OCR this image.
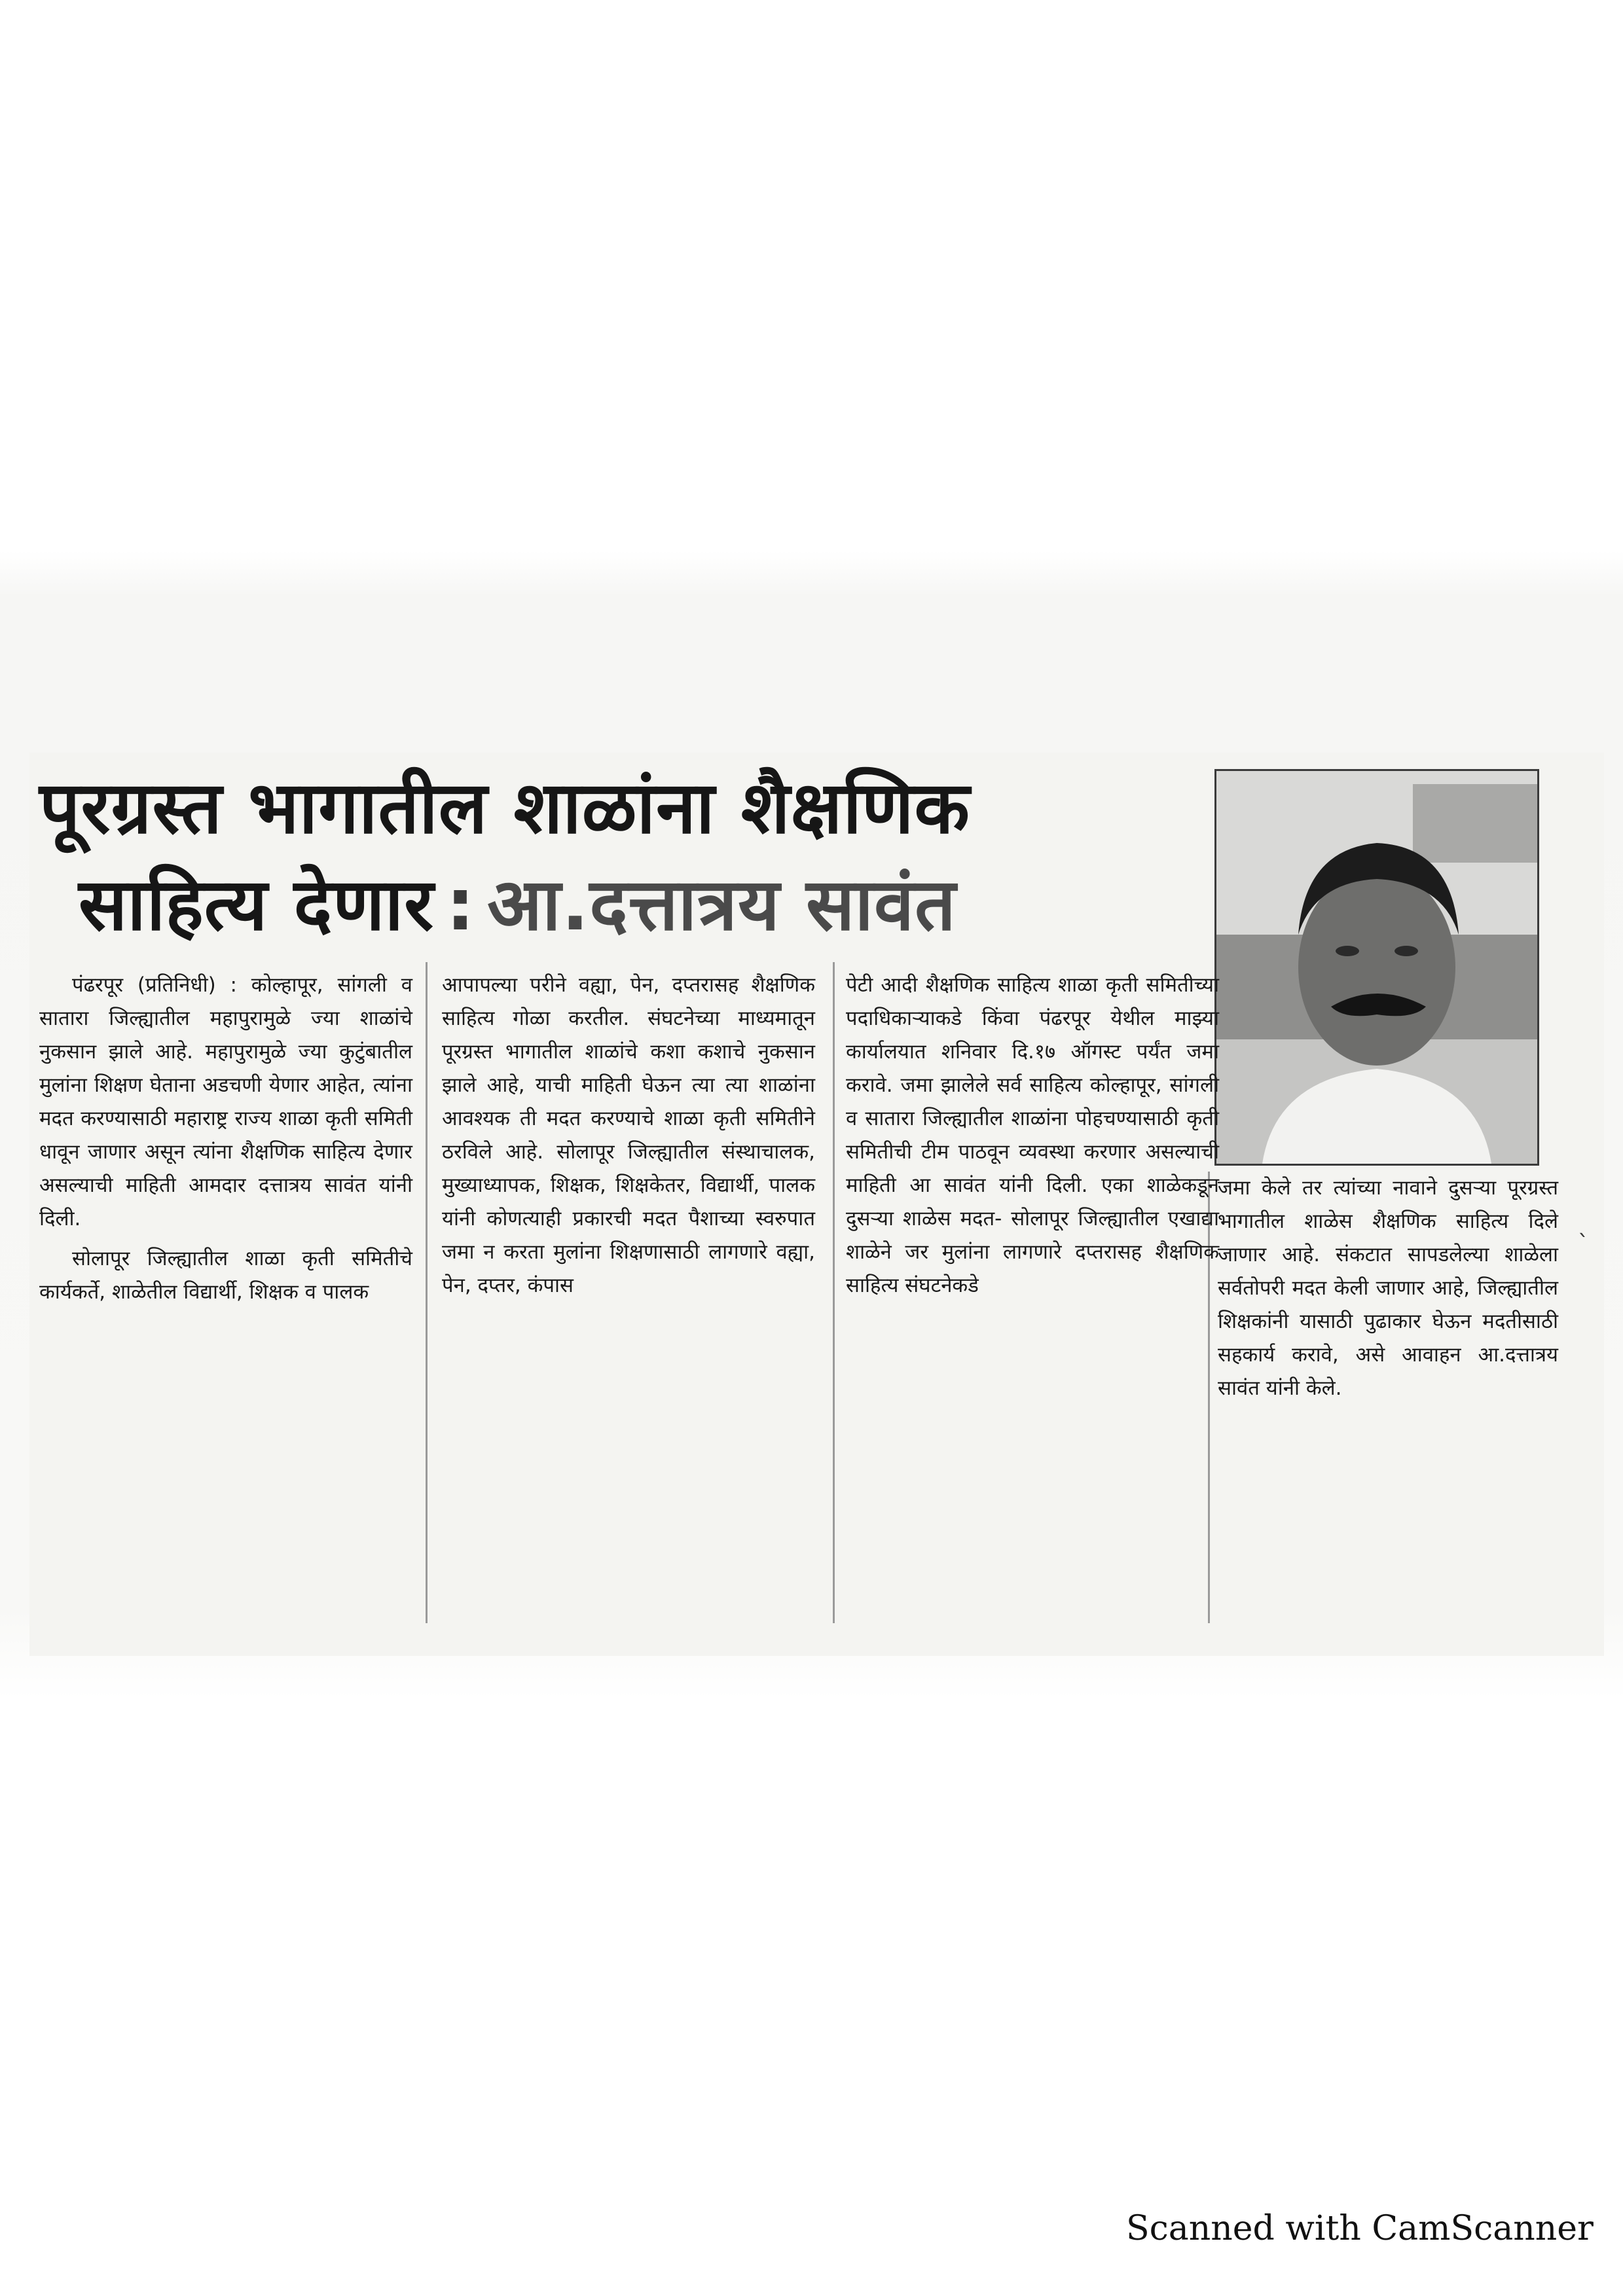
पूरग्रस्त भागातील शाळांना शैक्षणिक
साहित्य देणार : आ.दत्तात्रय सावंत

पंढरपूर (प्रतिनिधी) : कोल्हापूर, सांगली व सातारा जिल्ह्यातील महापुरामुळे ज्या शाळांचे नुकसान झाले आहे. महापुरामुळे ज्या कुटुंबातील मुलांना शिक्षण घेताना अडचणी येणार आहेत, त्यांना मदत करण्यासाठी महाराष्ट्र राज्य शाळा कृती समिती धावून जाणार असून त्यांना शैक्षणिक साहित्य देणार असल्याची माहिती आमदार दत्तात्रय सावंत यांनी दिली.

सोलापूर जिल्ह्यातील शाळा कृती समितीचे कार्यकर्ते, शाळेतील विद्यार्थी, शिक्षक व पालक

आपापल्या परीने वह्या, पेन, दप्तरासह शैक्षणिक साहित्य गोळा करतील. संघटनेच्या माध्यमातून पूरग्रस्त भागातील शाळांचे कशा कशाचे नुकसान झाले आहे, याची माहिती घेऊन त्या त्या शाळांना आवश्यक ती मदत करण्याचे शाळा कृती समितीने ठरविले आहे. सोलापूर जिल्ह्यातील संस्थाचालक, मुख्याध्यापक, शिक्षक, शिक्षकेतर, विद्यार्थी, पालक यांनी कोणत्याही प्रकारची मदत पैशाच्या स्वरुपात जमा न करता मुलांना शिक्षणासाठी लागणारे वह्या, पेन, दप्तर, कंपास

पेटी आदी शैक्षणिक साहित्य शाळा कृती समितीच्या पदाधिकाऱ्याकडे किंवा पंढरपूर येथील माझ्या कार्यालयात शनिवार दि.१७ ऑगस्ट पर्यंत जमा करावे. जमा झालेले सर्व साहित्य कोल्हापूर, सांगली व सातारा जिल्ह्यातील शाळांना पोहचण्यासाठी कृती समितीची टीम पाठवून व्यवस्था करणार असल्याची माहिती आ सावंत यांनी दिली. एका शाळेकडून दुसऱ्या शाळेस मदत- सोलापूर जिल्ह्यातील एखाद्या शाळेने जर मुलांना लागणारे दप्तरासह शैक्षणिक साहित्य संघटनेकडे

जमा केले तर त्यांच्या नावाने दुसऱ्या पूरग्रस्त भागातील शाळेस शैक्षणिक साहित्य दिले जाणार आहे. संकटात सापडलेल्या शाळेला सर्वतोपरी मदत केली जाणार आहे, जिल्ह्यातील शिक्षकांनी यासाठी पुढाकार घेऊन मदतीसाठी सहकार्य करावे, असे आवाहन आ.दत्तात्रय सावंत यांनी केले.

`

Scanned with CamScanner
